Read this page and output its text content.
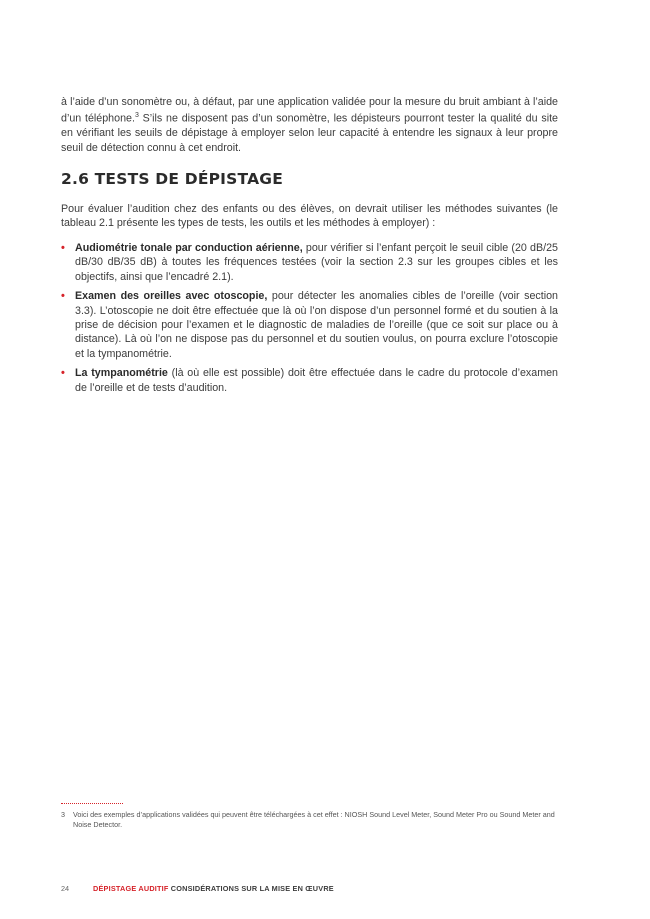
à l’aide d’un sonomètre ou, à défaut, par une application validée pour la mesure du bruit ambiant à l’aide d’un téléphone.$^3$ S’ils ne disposent pas d’un sonomètre, les dépisteurs pourront tester la qualité du site en vérifiant les seuils de dépistage à employer selon leur capacité à entendre les signaux à leur propre seuil de détection connu à cet endroit.

2.6 TESTS DE DÉPISTAGE

Pour évaluer l’audition chez des enfants ou des élèves, on devrait utiliser les méthodes suivantes (le tableau 2.1 présente les types de tests, les outils et les méthodes à employer) :

• Audiométrie tonale par conduction aérienne, pour vérifier si l’enfant perçoit le seuil cible (20 dB/25 dB/30 dB/35 dB) à toutes les fréquences testées (voir la section 2.3 sur les groupes cibles et les objectifs, ainsi que l’encadré 2.1).
• Examen des oreilles avec otoscopie, pour détecter les anomalies cibles de l’oreille (voir section 3.3). L’otoscopie ne doit être effectuée que là où l’on dispose d’un personnel formé et du soutien à la prise de décision pour l’examen et le diagnostic de maladies de l’oreille (que ce soit sur place ou à distance). Là où l’on ne dispose pas du personnel et du soutien voulus, on pourra exclure l’otoscopie et la tympanométrie.
• La tympanométrie (là où elle est possible) doit être effectuée dans le cadre du protocole d’examen de l’oreille et de tests d’audition.

3 Voici des exemples d’applications validées qui peuvent être téléchargées à cet effet : NIOSH Sound Level Meter, Sound Meter Pro ou Sound Meter and Noise Detector.

24	DÉPISTAGE AUDITIF CONSIDÉRATIONS SUR LA MISE EN ŒUVRE
